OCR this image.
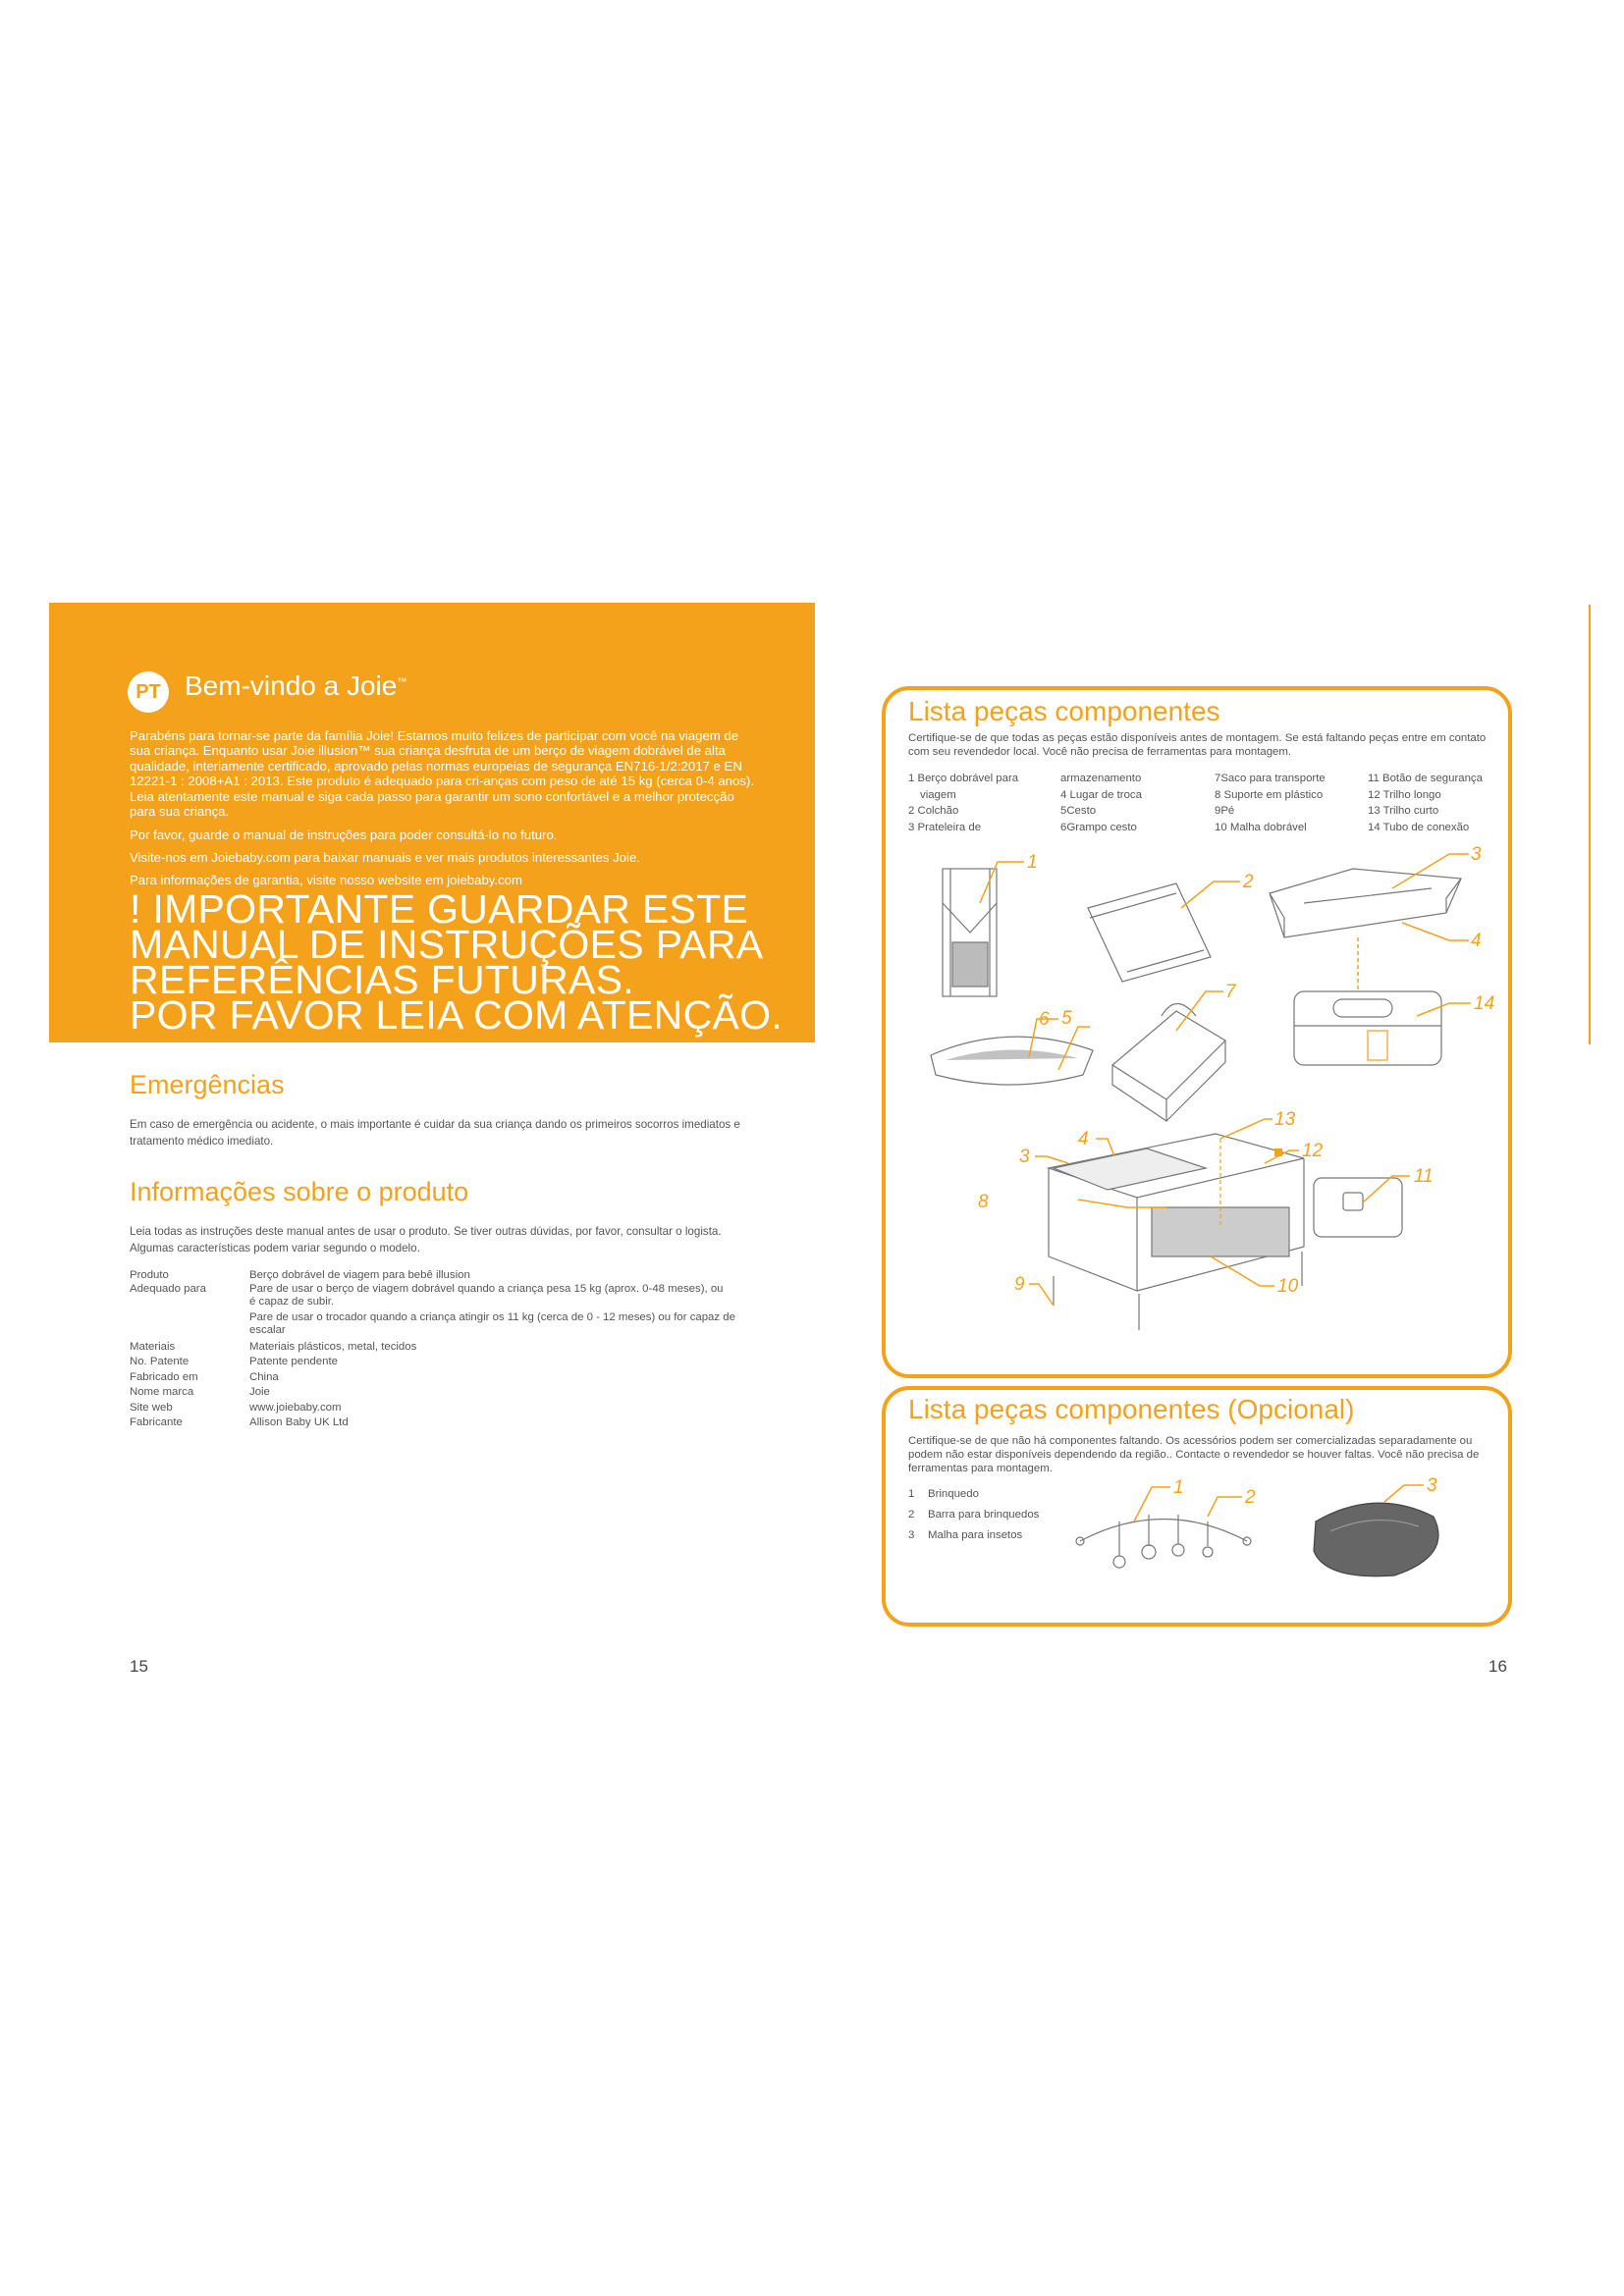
PT Bem-vindo a Joie™
Parabéns para tornar-se parte da família Joie! Estamos muito felizes de participar com você na viagem de sua criança. Enquanto usar Joie illusion™ sua criança desfruta de um berço de viagem dobrável de alta qualidade, interiamente certificado, aprovado pelas normas europeias de segurança EN716-1/2:2017 e EN 12221-1 : 2008+A1 : 2013. Este produto é adequado para cri-anças com peso de até 15 kg (cerca 0-4 anos). Leia atentamente este manual e siga cada passo para garantir um sono confortável e a melhor protecção para sua criança.
Por favor, guarde o manual de instruções para poder consultá-lo no futuro.
Visite-nos em Joiebaby.com para baixar manuais e ver mais produtos interessantes Joie.
Para informações de garantia, visite nosso website em joiebaby.com
! IMPORTANTE GUARDAR ESTE
MANUAL DE INSTRUÇÕES PARA
REFERÊNCIAS FUTURAS.
POR FAVOR LEIA COM ATENÇÃO.
Emergências
Em caso de emergência ou acidente, o mais importante é cuidar da sua criança dando os primeiros socorros imediatos e tratamento médico imediato.
Informações sobre o produto
Leia todas as instruções deste manual antes de usar o produto. Se tiver outras dúvidas, por favor, consultar o logista. Algumas características podem variar segundo o modelo.
Produto	Berço dobrável de viagem para bebê illusion
Adequado para	Pare de usar o berço de viagem dobrável quando a criança pesa 15 kg (aprox. 0-48 meses), ou é capaz de subir.
Pare de usar o trocador quando a criança atingir os 11 kg (cerca de 0 - 12 meses) ou for capaz de escalar
Materiais	Materiais plásticos, metal, tecidos
No. Patente	Patente pendente
Fabricado em	China
Nome marca	Joie
Site web	www.joiebaby.com
Fabricante	Allison Baby UK Ltd
15
Lista peças componentes
Certifique-se de que todas as peças estão disponíveis antes de montagem. Se está faltando peças entre em contato com seu revendedor local. Você não precisa de ferramentas para montagem.
1 Berço dobrável para
viagem
2 Colchão
3 Prateleira de
armazenamento
4 Lugar de troca
5Cesto
6Grampo cesto
7Saco para transporte
8 Suporte em plástico
9Pé
10 Malha dobrável
11 Botão de segurança
12 Trilho longo
13 Trilho curto
14 Tubo de conexão
1
2
3
4
6
7
14
5
4
13
3	12
11
8
9	10
Lista peças componentes (Opcional)
Certifique-se de que não há componentes faltando. Os acessórios podem ser comercializadas separadamente ou podem não estar disponíveis dependendo da região.. Contacte o revendedor se houver faltas. Você não precisa de ferramentas para montagem.
1 Brinquedo
2 Barra para brinquedos
3 Malha para insetos
1	2
3
16
